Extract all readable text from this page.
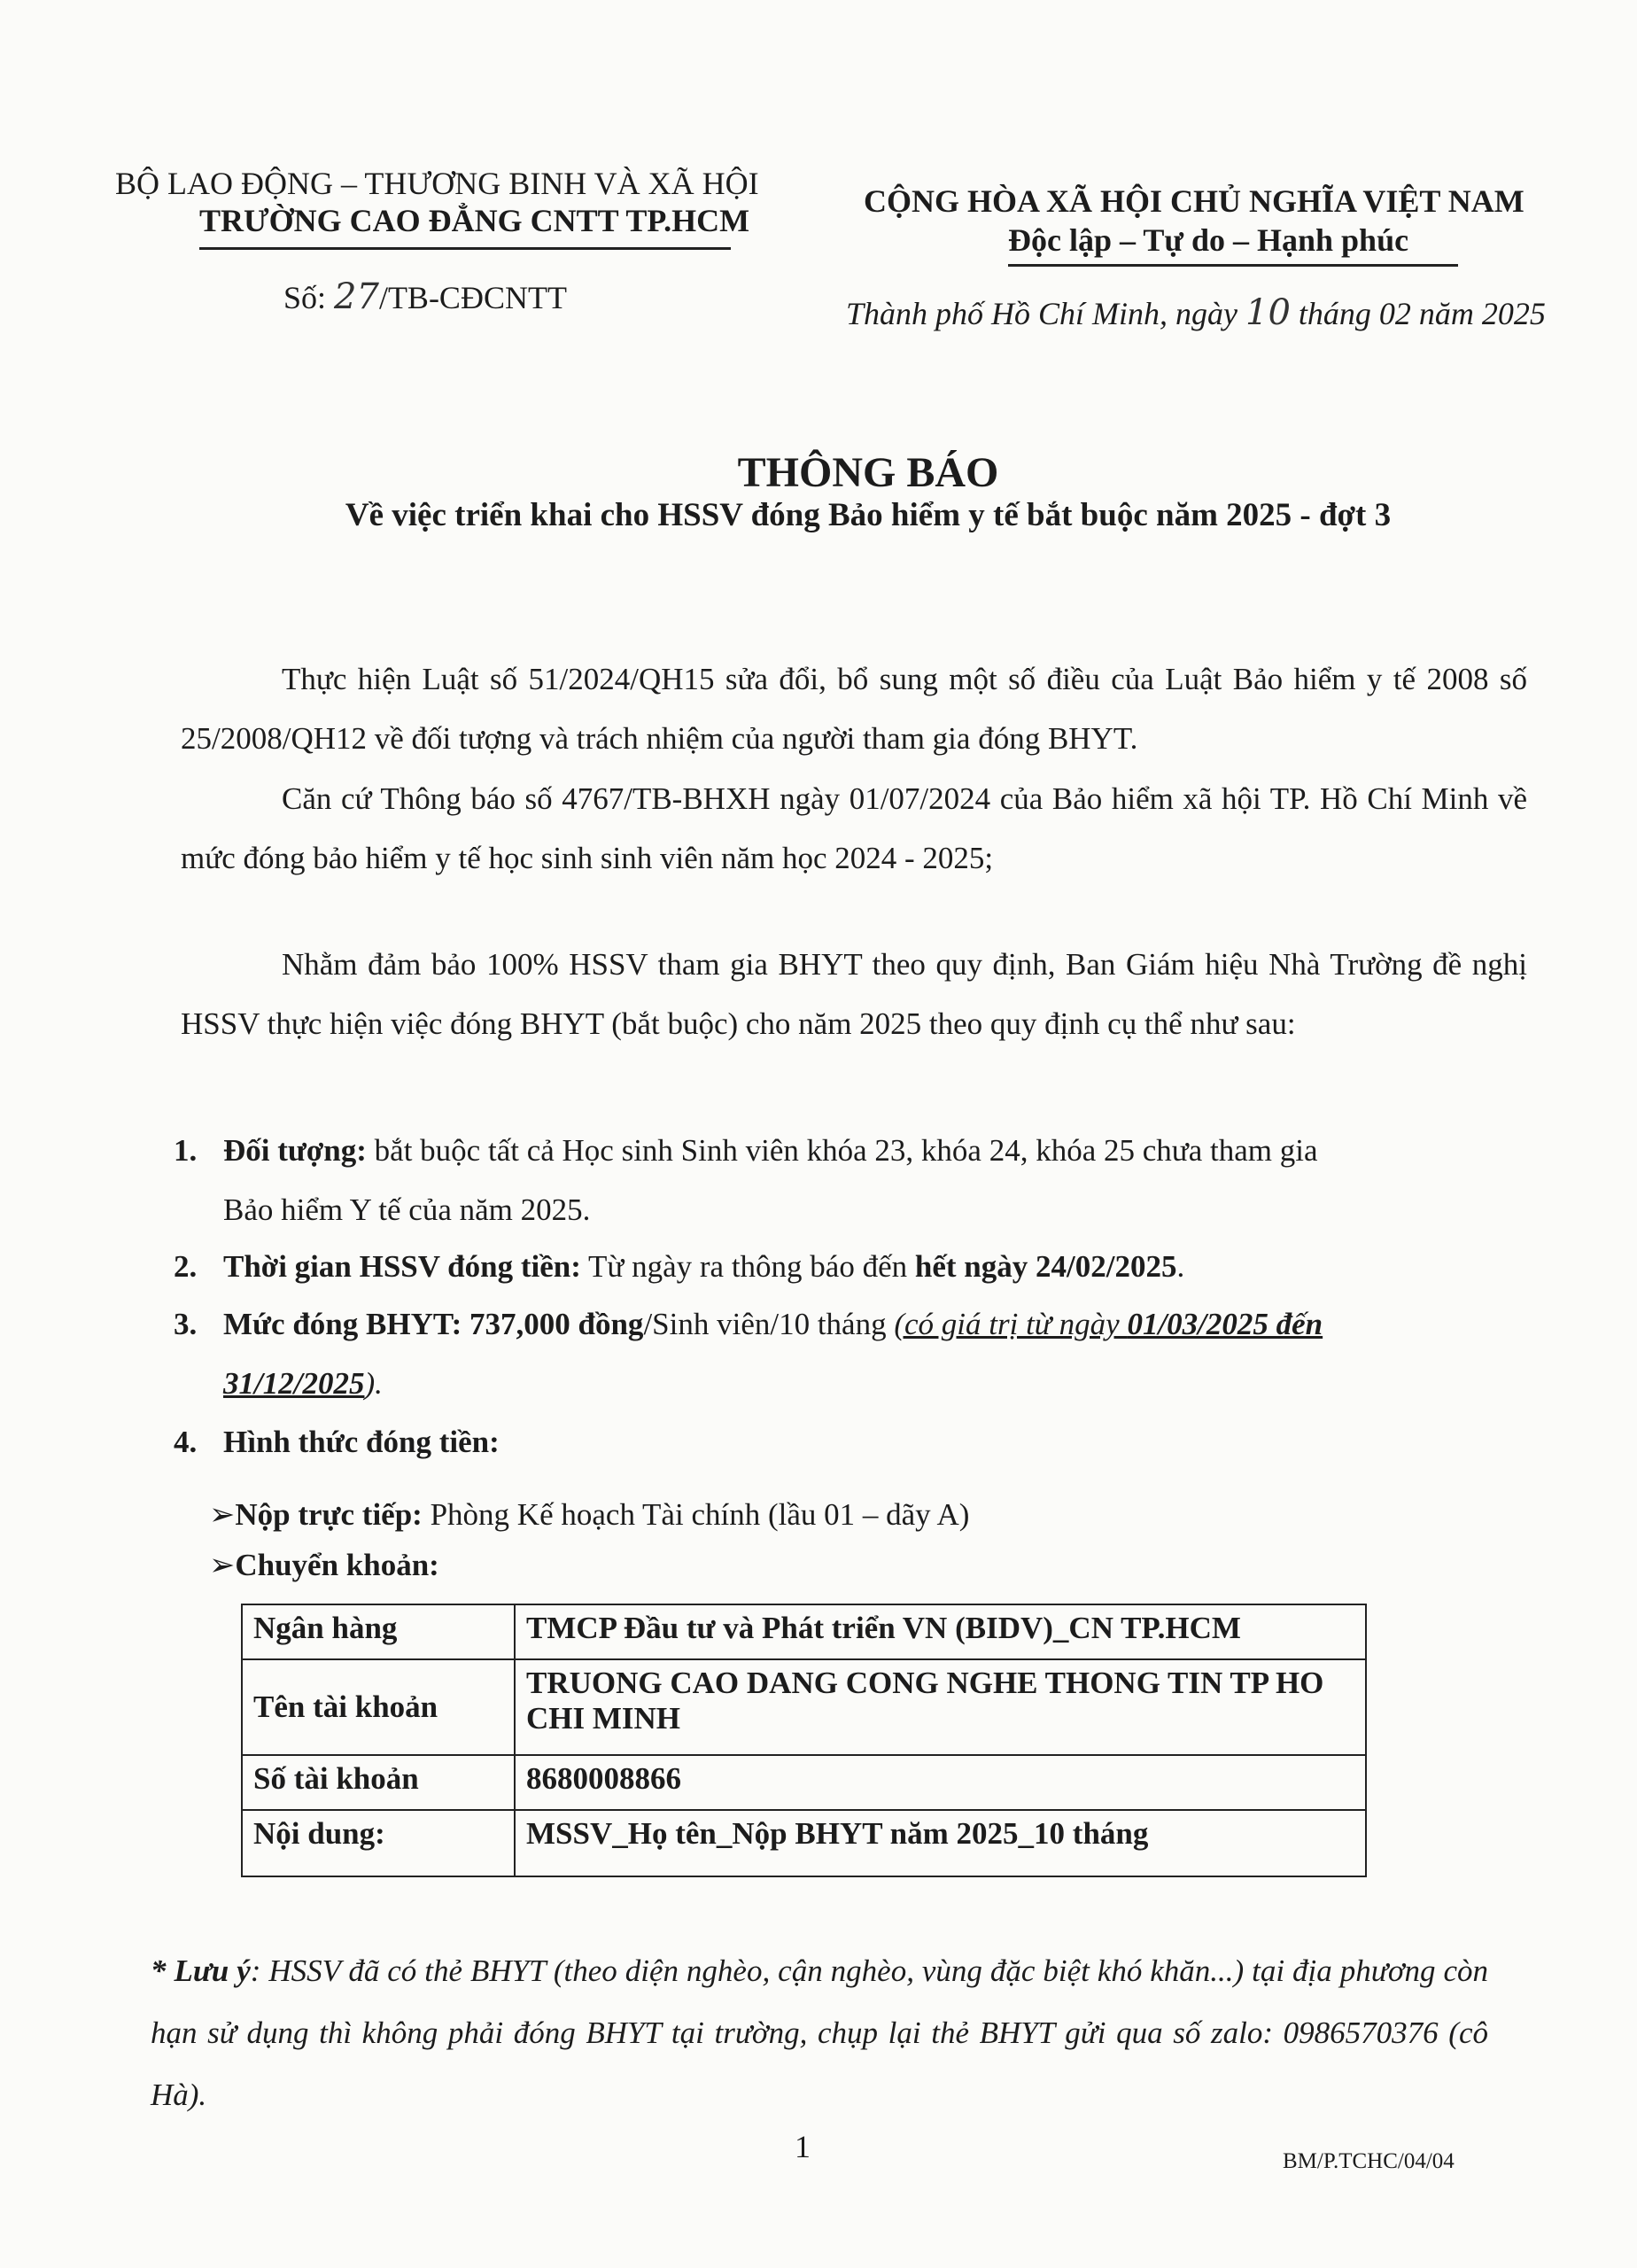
BỘ LAO ĐỘNG – THƯƠNG BINH VÀ XÃ HỘI
TRƯỜNG CAO ĐẲNG CNTT TP.HCM
Số: 27/TB-CĐCNTT
CỘNG HÒA XÃ HỘI CHỦ NGHĨA VIỆT NAM
Độc lập – Tự do – Hạnh phúc
Thành phố Hồ Chí Minh, ngày 10 tháng 02 năm 2025
THÔNG BÁO
Về việc triển khai cho HSSV đóng Bảo hiểm y tế bắt buộc năm 2025 - đợt 3
Thực hiện Luật số 51/2024/QH15 sửa đổi, bổ sung một số điều của Luật Bảo hiểm y tế 2008 số 25/2008/QH12 về đối tượng và trách nhiệm của người tham gia đóng BHYT.
Căn cứ Thông báo số 4767/TB-BHXH ngày 01/07/2024 của Bảo hiểm xã hội TP. Hồ Chí Minh về mức đóng bảo hiểm y tế học sinh sinh viên năm học 2024 - 2025;
Nhằm đảm bảo 100% HSSV tham gia BHYT theo quy định, Ban Giám hiệu Nhà Trường đề nghị HSSV thực hiện việc đóng BHYT (bắt buộc) cho năm 2025 theo quy định cụ thể như sau:
1. Đối tượng: bắt buộc tất cả Học sinh Sinh viên khóa 23, khóa 24, khóa 25 chưa tham gia
Bảo hiểm Y tế của năm 2025.
2. Thời gian HSSV đóng tiền: Từ ngày ra thông báo đến hết ngày 24/02/2025.
3. Mức đóng BHYT: 737,000 đồng/Sinh viên/10 tháng (có giá trị từ ngày 01/03/2025 đến
31/12/2025).
4. Hình thức đóng tiền:
➢Nộp trực tiếp: Phòng Kế hoạch Tài chính (lầu 01 – dãy A)
➢Chuyển khoản:
Ngân hàng	TMCP Đầu tư và Phát triển VN (BIDV)_CN TP.HCM
Tên tài khoản	TRUONG CAO DANG CONG NGHE THONG TIN TP HO CHI MINH
Số tài khoản	8680008866
Nội dung:	MSSV_Họ tên_Nộp BHYT năm 2025_10 tháng
* Lưu ý: HSSV đã có thẻ BHYT (theo diện nghèo, cận nghèo, vùng đặc biệt khó khăn...) tại địa phương còn hạn sử dụng thì không phải đóng BHYT tại trường, chụp lại thẻ BHYT gửi qua số zalo: 0986570376 (cô Hà).
1	BM/P.TCHC/04/04
